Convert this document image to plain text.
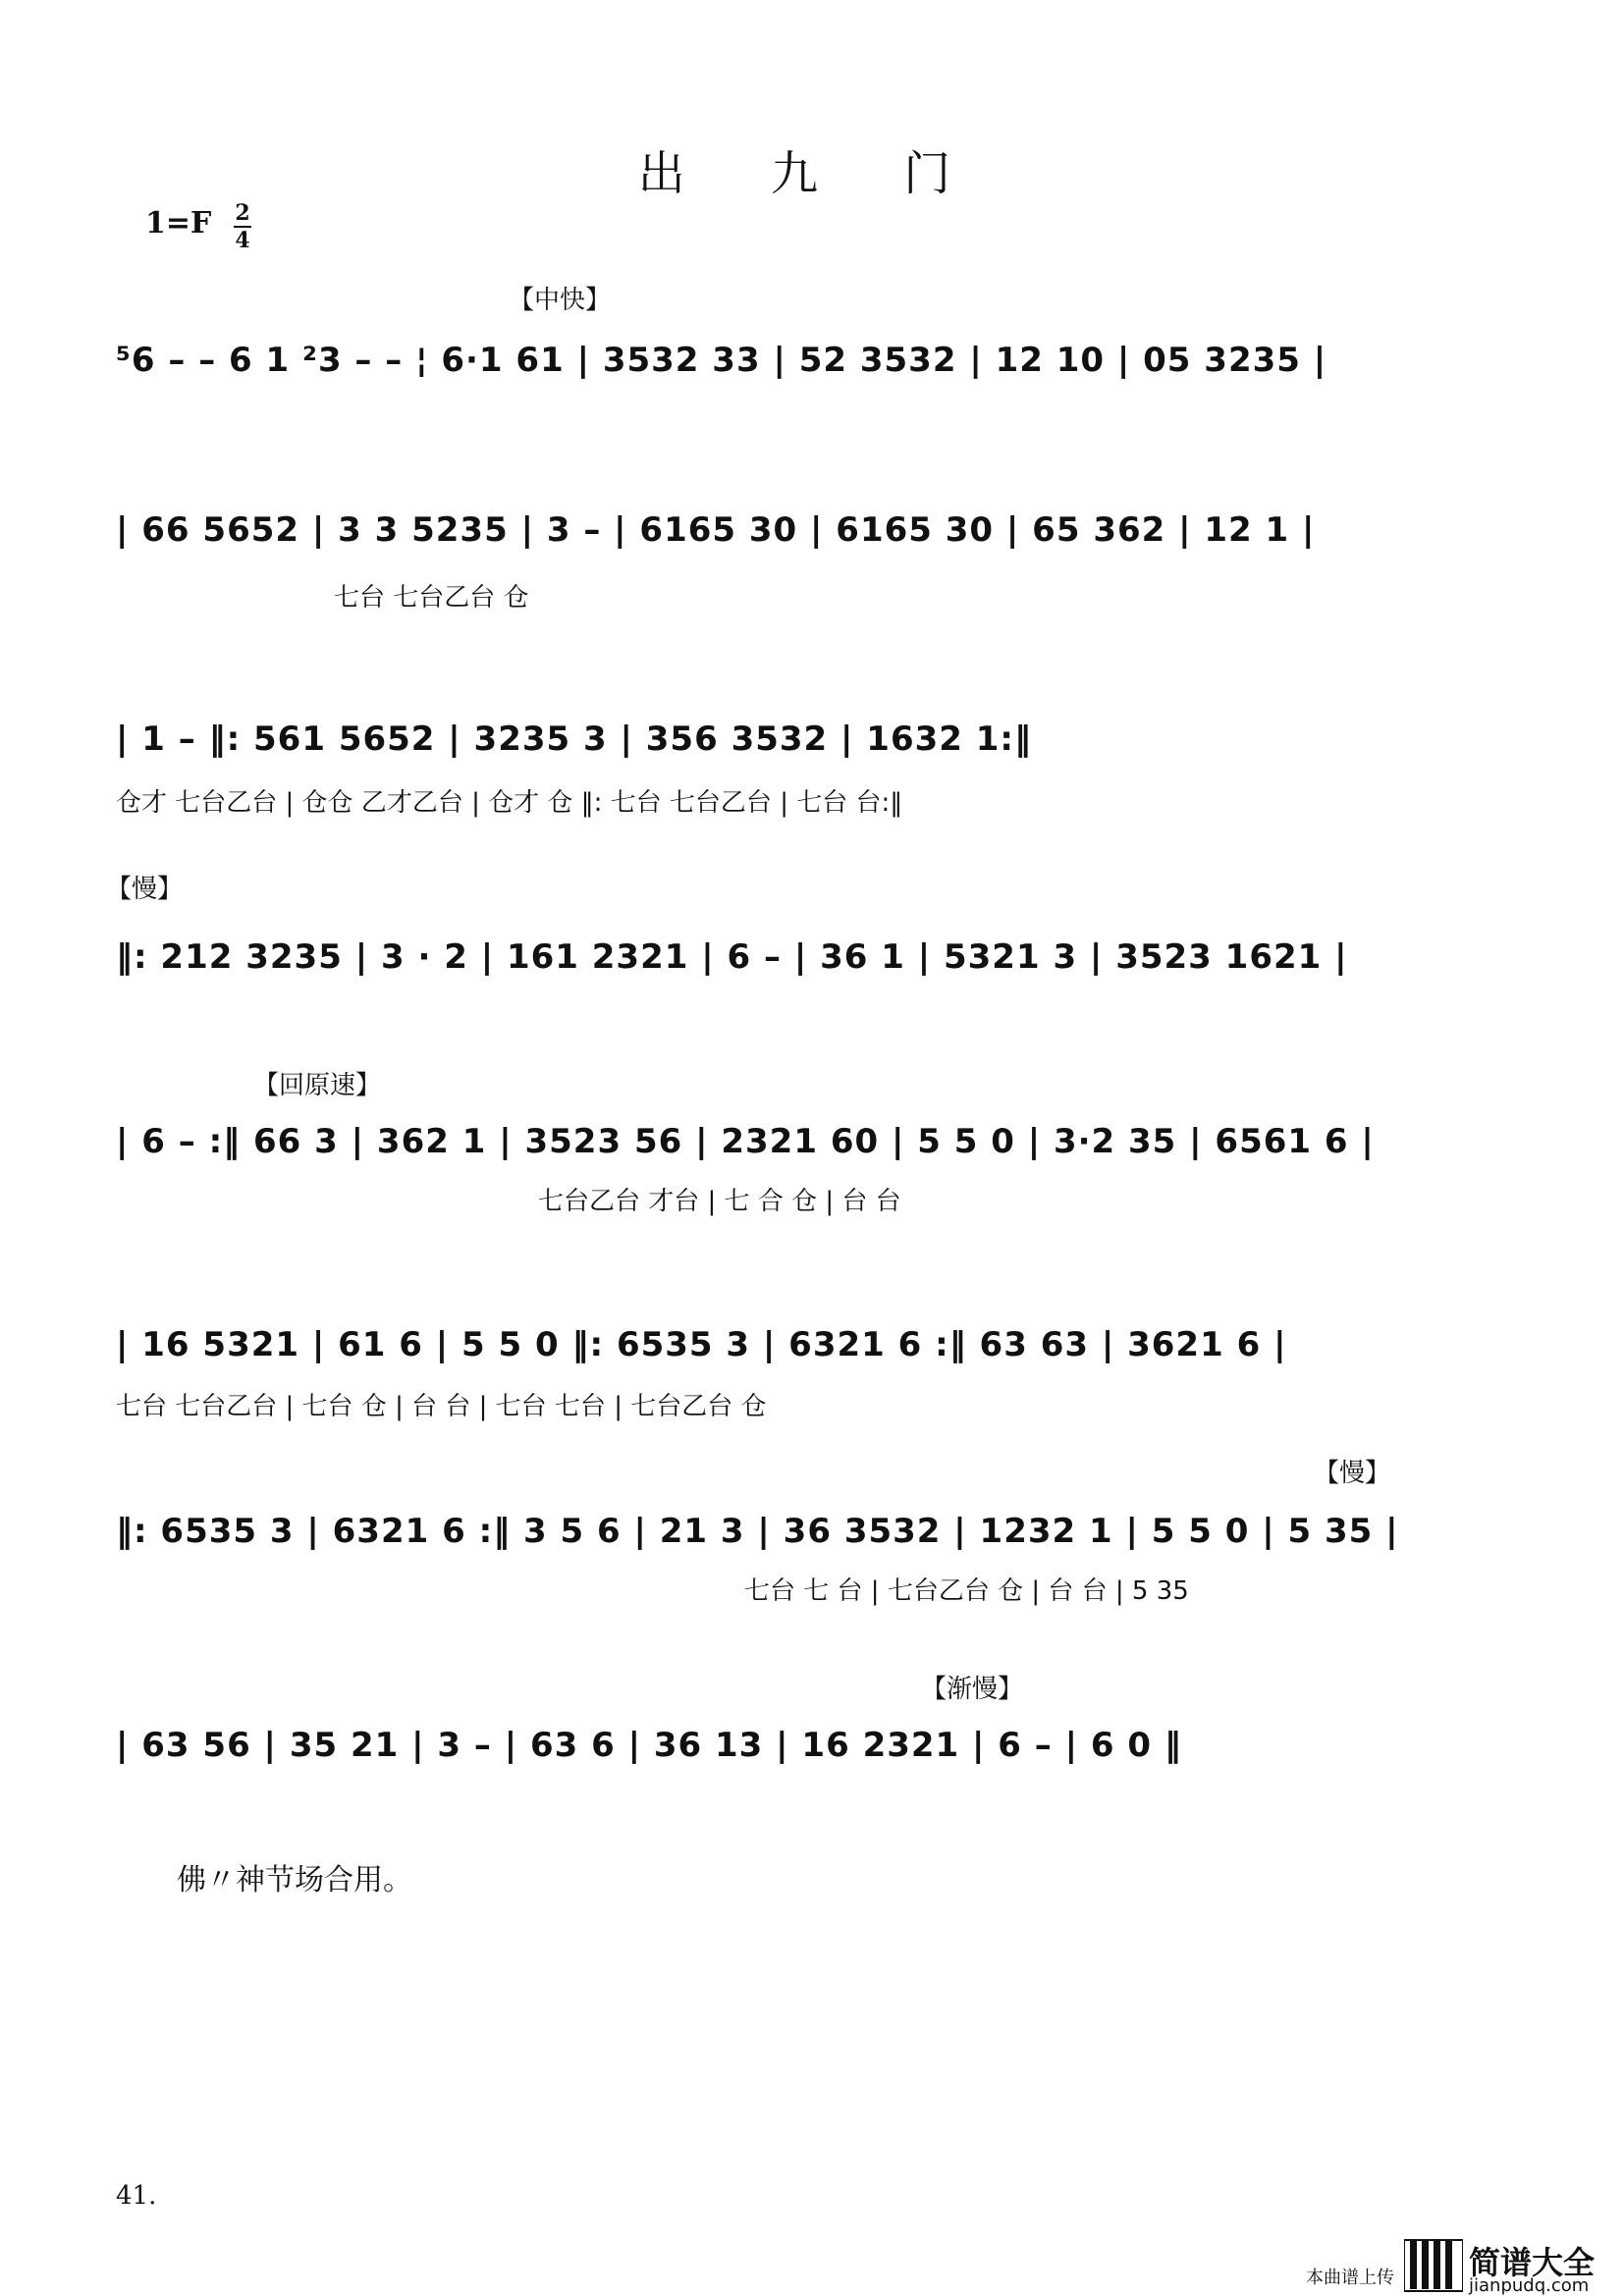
出 九 门
1=F 2
4
【中快】
⁵6 – – 6 1 ²3 – – ¦ 6·1 61 | 3532 33 | 52 3532 | 12 10 | 05 3235 |
| 66 5652 | 3 3 5235 | 3 – | 6165 30 | 6165 30 | 65 362 | 12 1 |
七台 七台乙台 仓
| 1 – ‖: 561 5652 | 3235 3 | 356 3532 | 1632 1:‖
仓才 七台乙台 | 仓仓 乙才乙台 | 仓才 仓 ‖: 七台 七台乙台 | 七台 台:‖
【慢】
‖: 212 3235 | 3 · 2 | 161 2321 | 6 – | 36 1 | 5321 3 | 3523 1621 |
【回原速】
| 6 – :‖ 66 3 | 362 1 | 3523 56 | 2321 60 | 5 5 0 | 3·2 35 | 6561 6 |
七台乙台 才台 | 七 合 仓 | 台 台
| 16 5321 | 61 6 | 5 5 0 ‖: 6535 3 | 6321 6 :‖ 63 63 | 3621 6 |
七台 七台乙台 | 七台 仓 | 台 台 | 七台 七台 | 七台乙台 仓
【慢】
‖: 6535 3 | 6321 6 :‖ 3 5 6 | 21 3 | 36 3532 | 1232 1 | 5 5 0 | 5 35 |
七台 七 台 | 七台乙台 仓 | 台 台 | 5 35
【渐慢】
| 63 56 | 35 21 | 3 – | 63 6 | 36 13 | 16 2321 | 6 – | 6 0 ‖
佛〃神节场合用。
41.
本曲谱上传 简谱大全
jianpudq.com
